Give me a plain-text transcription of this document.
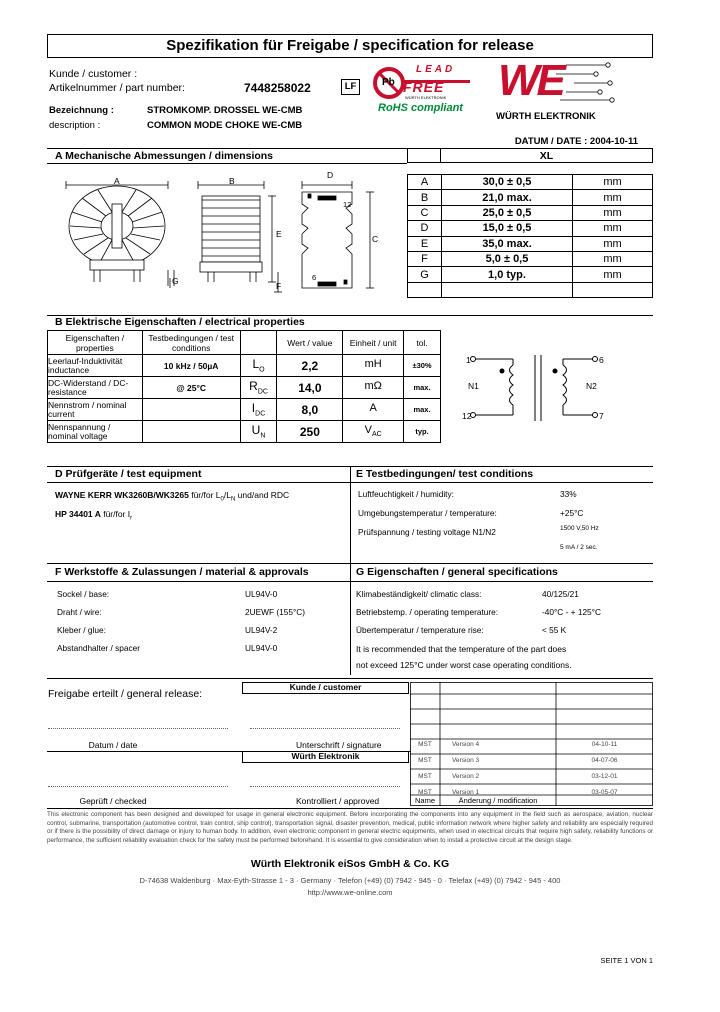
Spezifikation für Freigabe / specification for release
Kunde / customer :
Artikelnummer / part number:	7448258022	LF
Bezeichnung :	STROMKOMP. DROSSEL WE-CMB
description :	COMMON MODE CHOKE WE-CMB
Pb
LEAD
FREE
WÜRTH ELEKTRONIK
RoHS compliant
WE
WÜRTH ELEKTRONIK
DATUM / DATE : 2004-10-11
A Mechanische Abmessungen / dimensions	XL
A	B
C
D
E
F
G
12
6
A	30,0 ± 0,5	mm
B	21,0 max.	mm
C	25,0 ± 0,5	mm
D	15,0 ± 0,5	mm
E	35,0 max.	mm
F	5,0 ± 0,5	mm
G	1,0 typ.	mm

B Elektrische Eigenschaften / electrical properties
Eigenschaften / properties	Testbedingungen / test conditions		Wert / value	Einheit / unit	tol.
Leerlauf-Induktivität inductance	10 kHz / 50µA	$L_O$	2,2	mH	±30%
DC-Widerstand / DC-resistance	@ 25°C	$R_{DC}$	14,0	mΩ	max.
Nennstrom / nominal current		$I_{DC}$	8,0	A	max.
Nennspannung / nominal voltage		$U_N$	250	$V_{AC}$	typ.
1	6
12	7
N1	N2
D Prüfgeräte / test equipment	E Testbedingungen/ test conditions
WAYNE KERR WK3260B/WK3265 für/for $L_0/L_N$ und/and RDC
HP 34401 A für/for $I_r$
Luftfeuchtigkeit / humidity:	33%
Umgebungstemperatur / temperature:	+25°C
Prüfspannung / testing voltage N1/N2	1500 V,50 Hz
5 mA / 2 sec.
F Werkstoffe & Zulassungen / material & approvals	G Eigenschaften / general specifications
Sockel / base:	UL94V-0
Draht / wire:	2UEWF (155°C)
Kleber / glue:	UL94V-2
Abstandhalter / spacer	UL94V-0
Klimabeständigkeit/ climatic class:	40/125/21
Betriebstemp. / operating temperature:	-40°C - + 125°C
Übertemperatur / temperature rise:	< 55 K
It is recommended that the temperature of the part does
not exceed 125°C under worst case operating conditions.
Freigabe erteilt / general release:
Kunde / customer
Datum / date	Unterschrift / signature
Würth Elektronik
Geprüft / checked	Kontrolliert / approved
MST	Version 4	04-10-11
MST	Version 3	04-07-06
MST	Version 2	03-12-01
MST	Version 1	03-05-07
Name	Änderung / modification
This electronic component has been designed and developed for usage in general electronic equipment. Before incorporating the components into any equipment in the field such as aerospace, aviation, nuclear control, submarine, transportation (automotive control, train control, ship control), transportation signal, disaster prevention, medical, public information network where higher safety and reliability are especially required or if there is the possibility of direct damage or injury to human body. In addition, even electronic component in general electric equipments, when used in electrical circuits that require high safety, reliability functions or performance, the sufficient reliability evaluation check for the safety must be performed beforehand. It is essential to give consideration when to install a protective circuit at the design stage.
Würth Elektronik eiSos GmbH & Co. KG
D-74638 Waldenburg · Max-Eyth-Strasse 1 - 3 · Germany · Telefon (+49) (0) 7942 - 945 - 0 · Telefax (+49) (0) 7942 - 945 - 400
http://www.we-online.com
SEITE 1 VON 1
